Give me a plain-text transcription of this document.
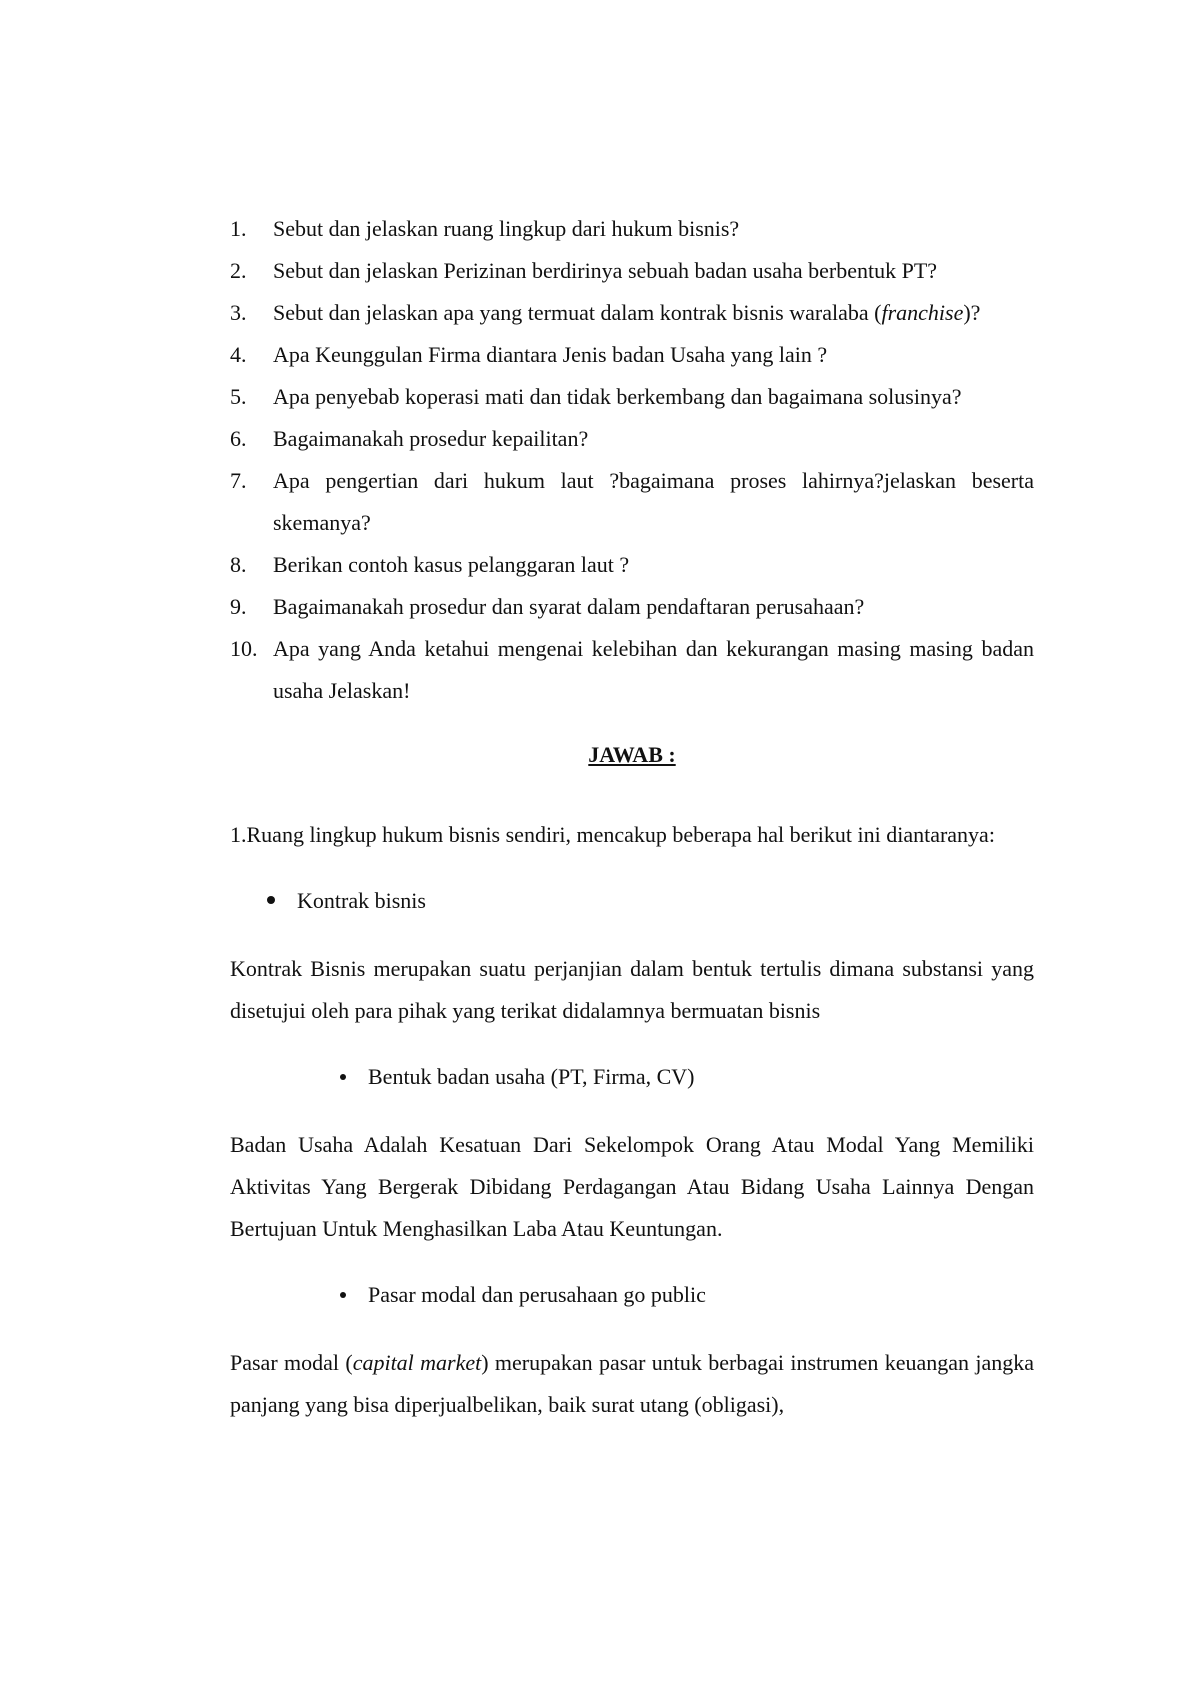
1.	Sebut dan jelaskan ruang lingkup dari hukum bisnis?
2.	Sebut dan jelaskan Perizinan berdirinya sebuah badan usaha berbentuk PT?
3.	Sebut dan jelaskan apa yang termuat dalam kontrak bisnis waralaba (franchise)?
4.	Apa Keunggulan Firma diantara Jenis badan Usaha yang lain ?
5.	Apa penyebab koperasi mati dan tidak berkembang dan bagaimana solusinya?
6.	Bagaimanakah prosedur kepailitan?
7.	Apa pengertian dari hukum laut ?bagaimana proses lahirnya?jelaskan beserta skemanya?
8.	Berikan contoh kasus pelanggaran laut ?
9.	Bagaimanakah prosedur dan syarat dalam pendaftaran perusahaan?
10. Apa yang Anda ketahui mengenai kelebihan dan kekurangan masing masing badan usaha Jelaskan!
JAWAB :

1.Ruang lingkup hukum bisnis sendiri, mencakup beberapa hal berikut ini diantaranya:

Kontrak bisnis

Kontrak Bisnis merupakan suatu perjanjian dalam bentuk tertulis dimana substansi yang disetujui oleh para pihak yang terikat didalamnya bermuatan bisnis

Bentuk badan usaha (PT, Firma, CV)

Badan Usaha Adalah Kesatuan Dari Sekelompok Orang Atau Modal Yang Memiliki Aktivitas Yang Bergerak Dibidang Perdagangan Atau Bidang Usaha Lainnya Dengan Bertujuan Untuk Menghasilkan Laba Atau Keuntungan.

Pasar modal dan perusahaan go public

Pasar modal (capital market) merupakan pasar untuk berbagai instrumen keuangan jangka panjang yang bisa diperjualbelikan, baik surat utang (obligasi),
